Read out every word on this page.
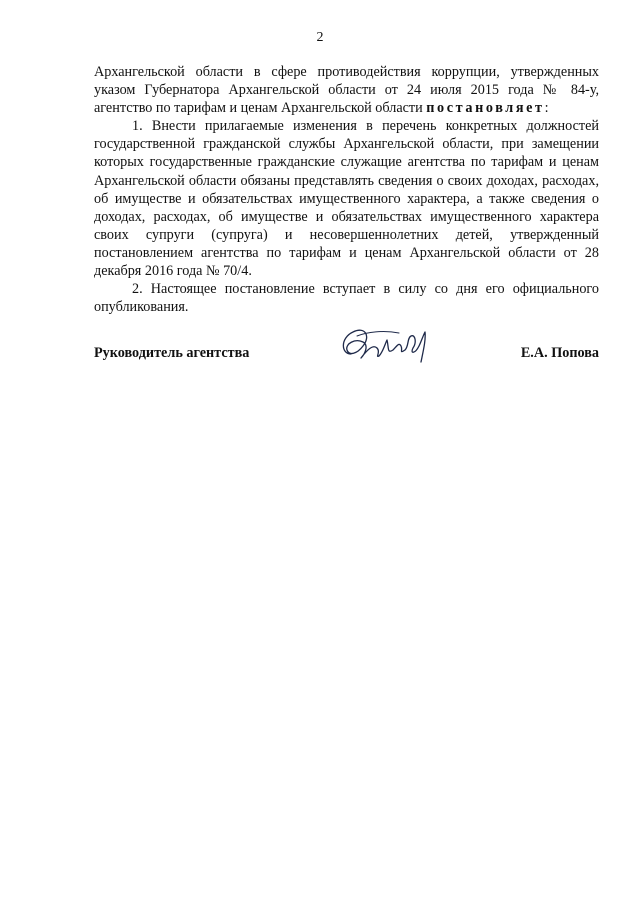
2

Архангельской области в сфере противодействия коррупции, утвержденных указом Губернатора Архангельской области от 24 июля 2015 года № 84-у, агентство по тарифам и ценам Архангельской области постановляет:

1. Внести прилагаемые изменения в перечень конкретных должностей государственной гражданской службы Архангельской области, при замещении которых государственные гражданские служащие агентства по тарифам и ценам Архангельской области обязаны представлять сведения о своих доходах, расходах, об имуществе и обязательствах имущественного характера, а также сведения о доходах, расходах, об имуществе и обязательствах имущественного характера своих супруги (супруга) и несовершеннолетних детей, утвержденный постановлением агентства по тарифам и ценам Архангельской области от 28 декабря 2016 года № 70/4.

2. Настоящее постановление вступает в силу со дня его официального опубликования.

Руководитель агентства	Е.А. Попова
